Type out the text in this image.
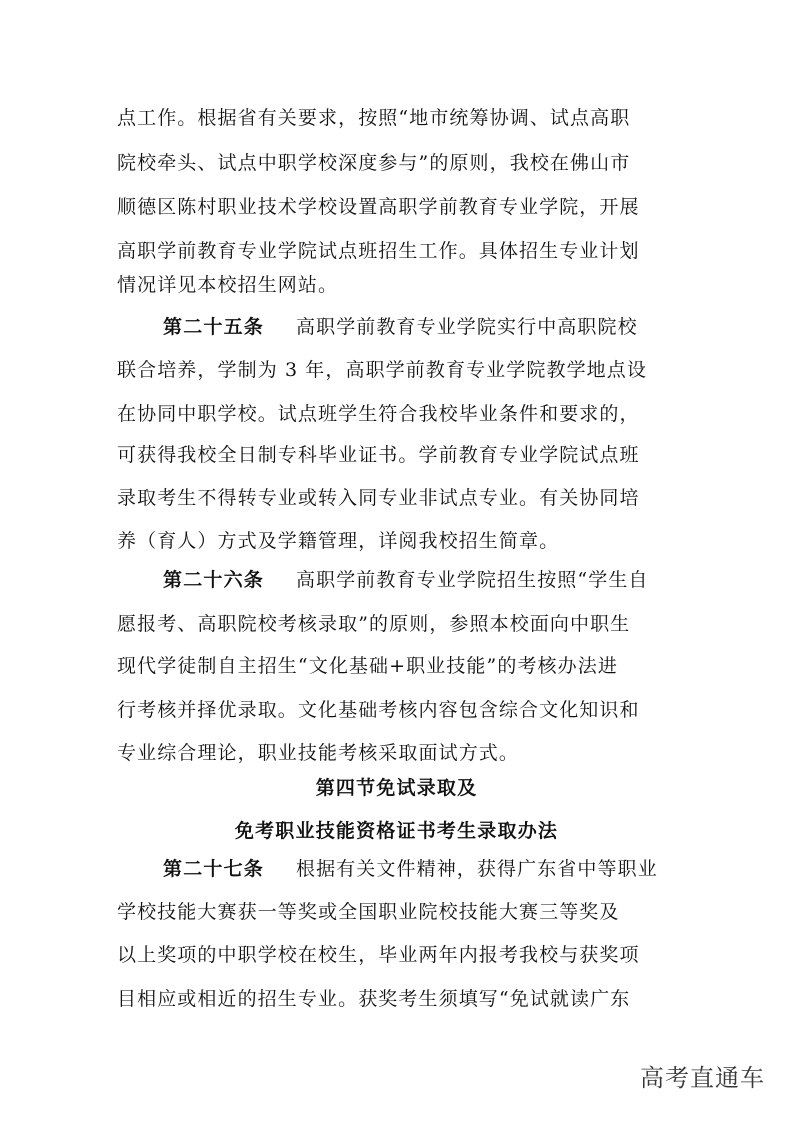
点工作。根据省有关要求，按照“地市统筹协调、试点高职
院校牵头、试点中职学校深度参与”的原则，我校在佛山市
顺德区陈村职业技术学校设置高职学前教育专业学院，开展
高职学前教育专业学院试点班招生工作。具体招生专业计划
情况详见本校招生网站。
第二十五条 高职学前教育专业学院实行中高职院校
联合培养，学制为 3 年，高职学前教育专业学院教学地点设
在协同中职学校。试点班学生符合我校毕业条件和要求的，
可获得我校全日制专科毕业证书。学前教育专业学院试点班
录取考生不得转专业或转入同专业非试点专业。有关协同培
养（育人）方式及学籍管理，详阅我校招生简章。
第二十六条 高职学前教育专业学院招生按照“学生自
愿报考、高职院校考核录取”的原则，参照本校面向中职生
现代学徒制自主招生“文化基础+职业技能”的考核办法进
行考核并择优录取。文化基础考核内容包含综合文化知识和
专业综合理论，职业技能考核采取面试方式。
第四节免试录取及
免考职业技能资格证书考生录取办法
第二十七条 根据有关文件精神，获得广东省中等职业
学校技能大赛获一等奖或全国职业院校技能大赛三等奖及
以上奖项的中职学校在校生，毕业两年内报考我校与获奖项
目相应或相近的招生专业。获奖考生须填写“免试就读广东
高考直通车
